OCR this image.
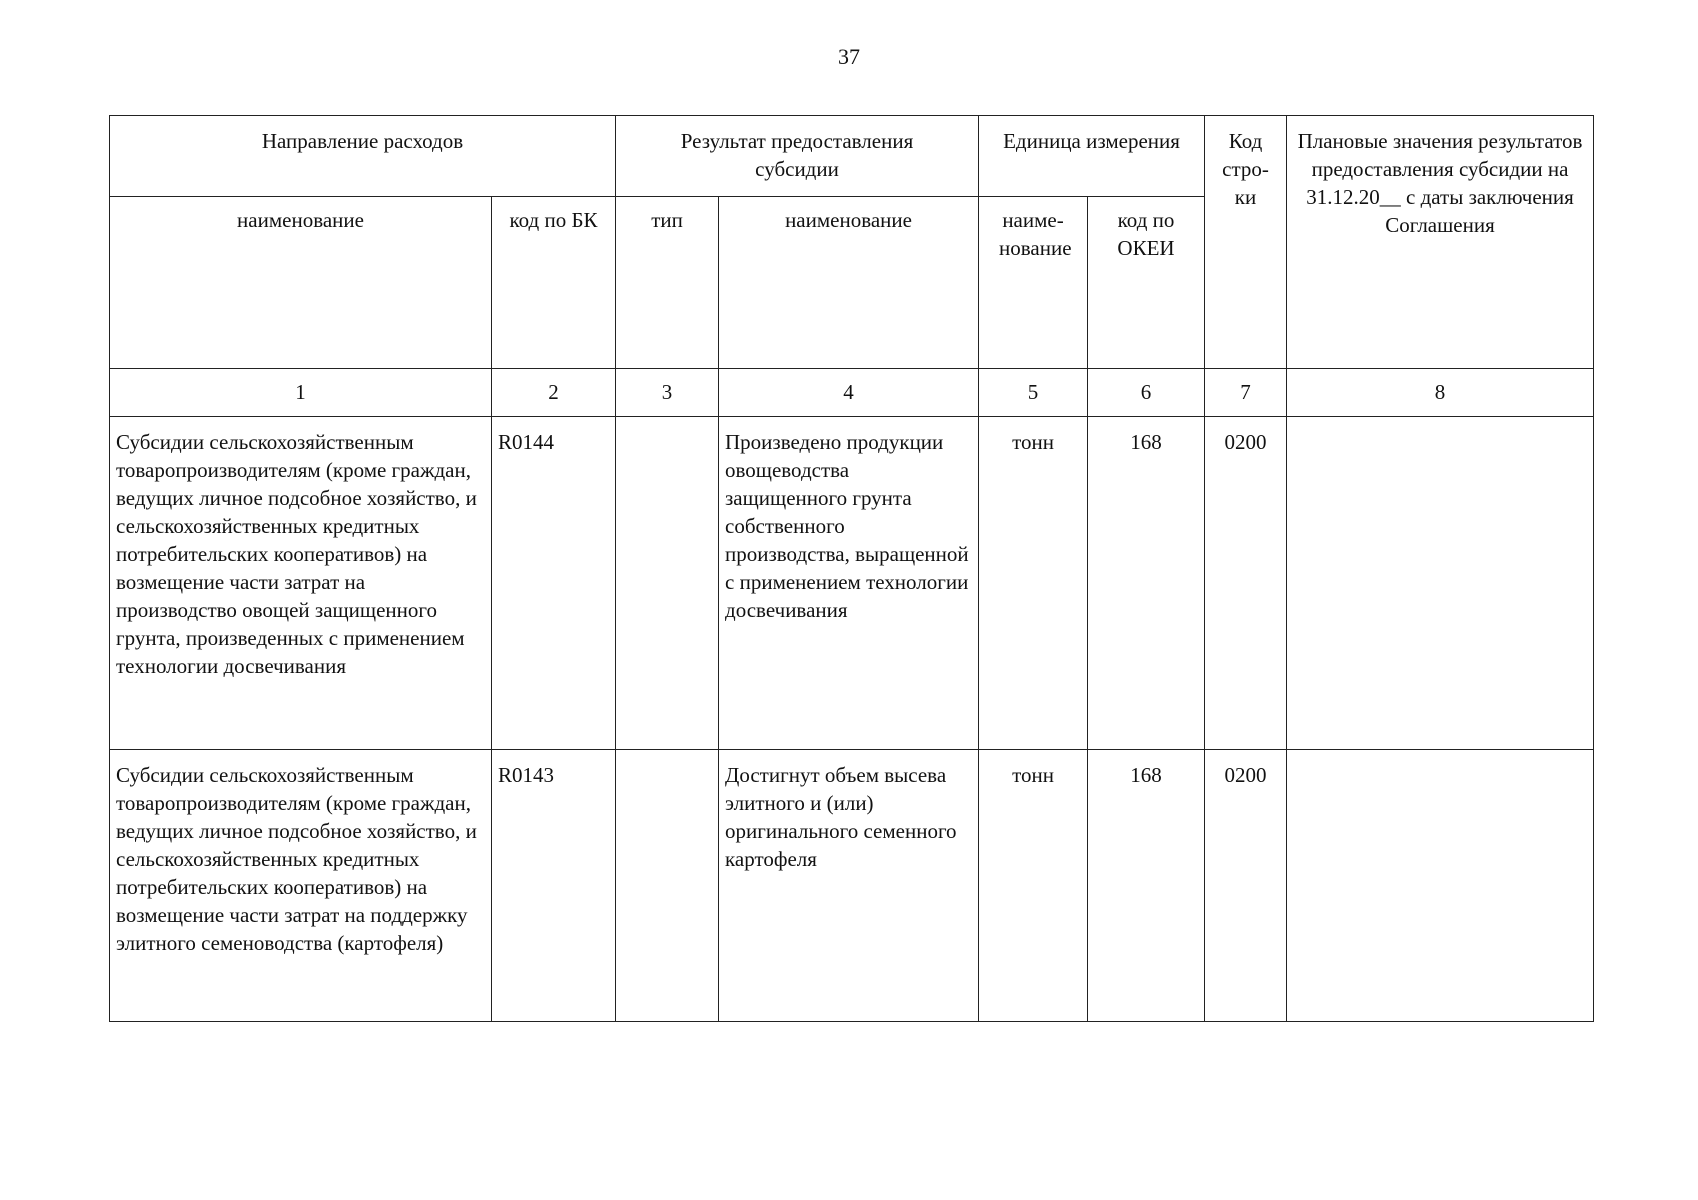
37
Направление расходов		Результат предоставления субсидии		Единица измерения		Код стро-ки	Плановые значения результатов предоставления субсидии на 31.12.20__ с даты заключения Соглашения
наименование	код по БК	тип	наименование	наиме-нование	код по ОКЕИ		

1	2	3	4	5	6	7	8
Субсидии сельскохозяйственным товаропроизводителям (кроме граждан, ведущих личное подсобное хозяйство, и сельскохозяйственных кредитных потребительских кооперативов) на возмещение части затрат на производство овощей защищенного грунта, произведенных с применением технологии досвечивания	R0144		Произведено продукции овощеводства защищенного грунта собственного производства, выращенной с применением технологии досвечивания	тонн	168	0200	
Субсидии сельскохозяйственным товаропроизводителям (кроме граждан, ведущих личное подсобное хозяйство, и сельскохозяйственных кредитных потребительских кооперативов) на возмещение части затрат на поддержку элитного семеноводства (картофеля)	R0143		Достигнут объем высева элитного и (или) оригинального семенного картофеля	тонн	168	0200	
